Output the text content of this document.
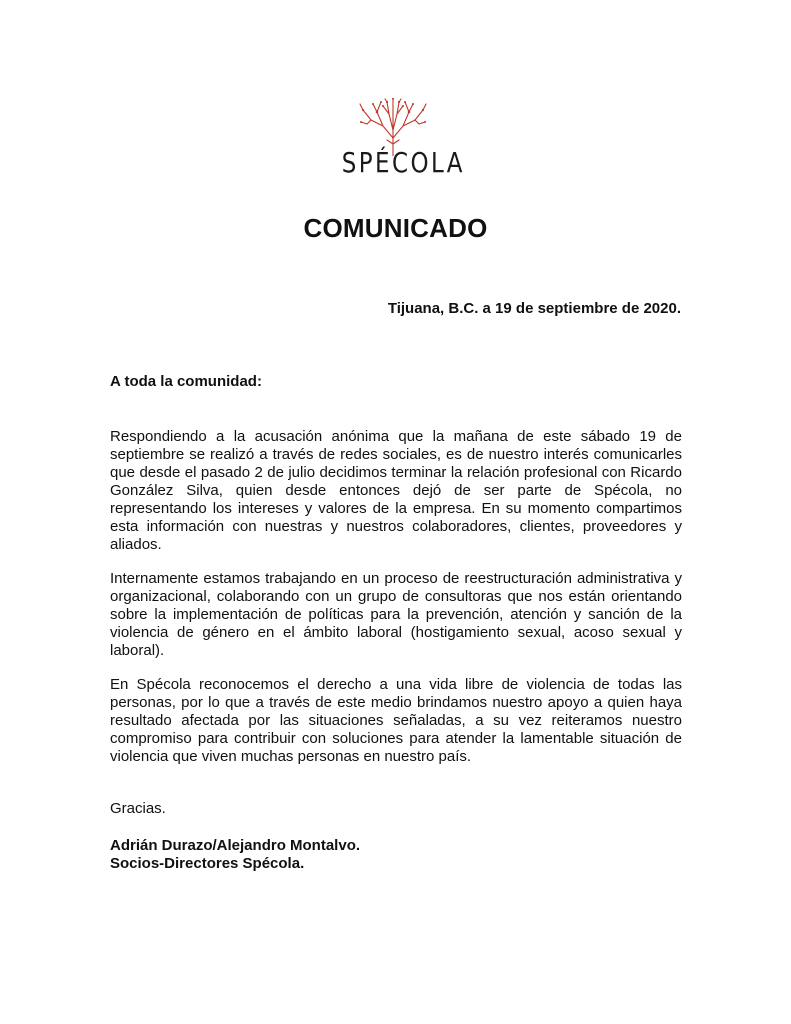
SPÉCOLA
COMUNICADO
Tijuana, B.C. a 19 de septiembre de 2020.
A toda la comunidad:

Respondiendo a la acusación anónima que la mañana de este sábado 19 de septiembre se realizó a través de redes sociales, es de nuestro interés comunicarles que desde el pasado 2 de julio decidimos terminar la relación profesional con Ricardo González Silva, quien desde entonces dejó de ser parte de Spécola, no representando los intereses y valores de la empresa. En su momento compartimos esta información con nuestras y nuestros colaboradores, clientes, proveedores y aliados.

Internamente estamos trabajando en un proceso de reestructuración administrativa y organizacional, colaborando con un grupo de consultoras que nos están orientando sobre la implementación de políticas para la prevención, atención y sanción de la violencia de género en el ámbito laboral (hostigamiento sexual, acoso sexual y laboral).

En Spécola reconocemos el derecho a una vida libre de violencia de todas las personas, por lo que a través de este medio brindamos nuestro apoyo a quien haya resultado afectada por las situaciones señaladas, a su vez reiteramos nuestro compromiso para contribuir con soluciones para atender la lamentable situación de violencia que viven muchas personas en nuestro país.

Gracias.
Adrián Durazo/Alejandro Montalvo.
Socios-Directores Spécola.
